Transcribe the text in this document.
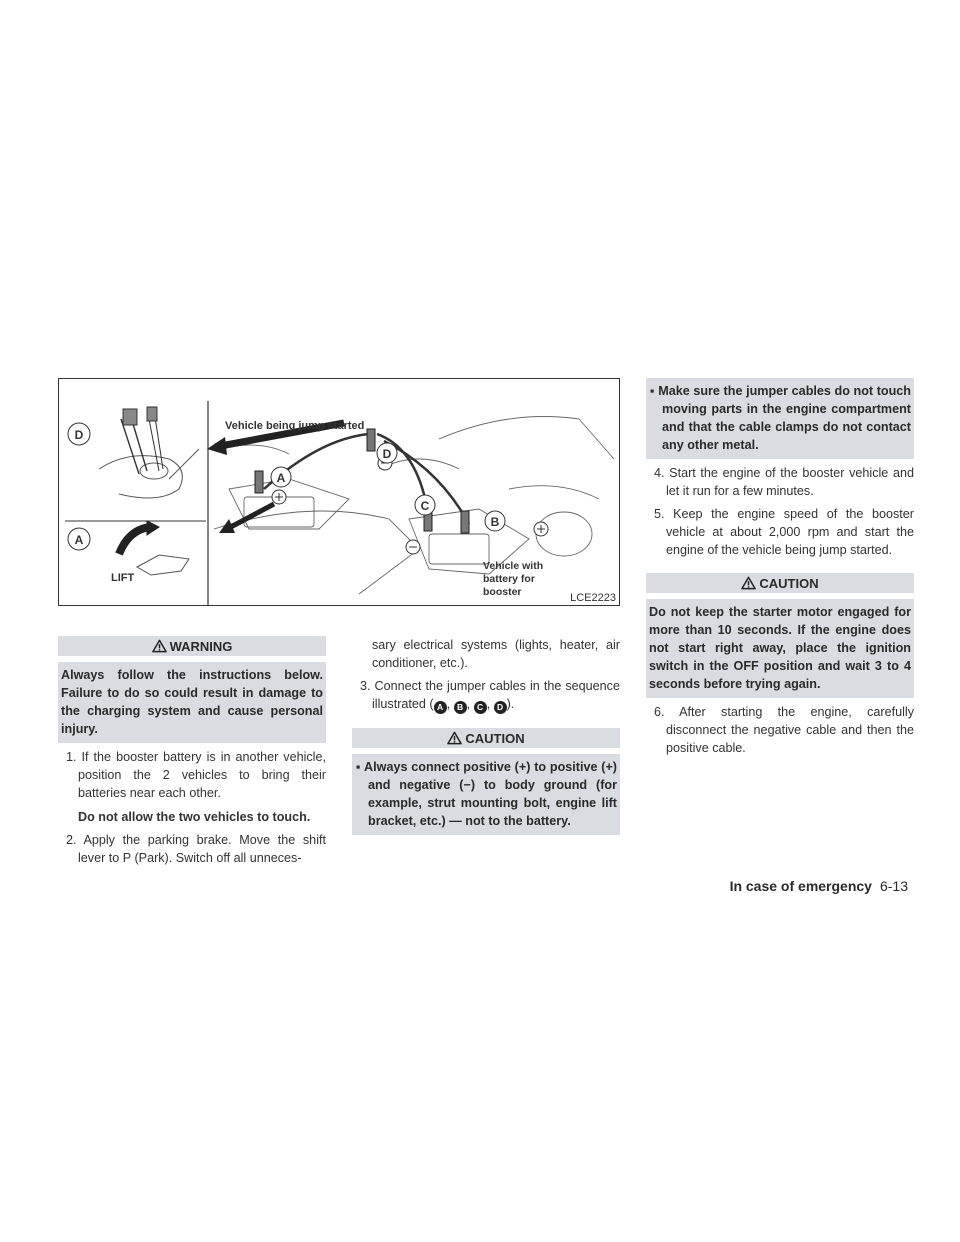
D
A
LIFT
A
D
C
B
Vehicle being jump started
Vehicle with
battery for
booster	LCE2223
WARNING
Always follow the instructions below. Failure to do so could result in damage to the charging system and cause personal injury.
1. If the booster battery is in another vehicle, position the 2 vehicles to bring their batteries near each other.
Do not allow the two vehicles to touch.
2. Apply the parking brake. Move the shift lever to P (Park). Switch off all unneces-
sary electrical systems (lights, heater, air conditioner, etc.).
3. Connect the jumper cables in the sequence illustrated ( A , B , C , D ).
CAUTION
▪ Always connect positive (+) to positive (+) and negative (−) to body ground (for example, strut mounting bolt, engine lift bracket, etc.) — not to the battery.
▪ Make sure the jumper cables do not touch moving parts in the engine compartment and that the cable clamps do not contact any other metal.
4. Start the engine of the booster vehicle and let it run for a few minutes.
5. Keep the engine speed of the booster vehicle at about 2,000 rpm and start the engine of the vehicle being jump started.
CAUTION
Do not keep the starter motor engaged for more than 10 seconds. If the engine does not start right away, place the ignition switch in the OFF position and wait 3 to 4 seconds before trying again.
6. After starting the engine, carefully disconnect the negative cable and then the positive cable.
In case of emergency 6-13
